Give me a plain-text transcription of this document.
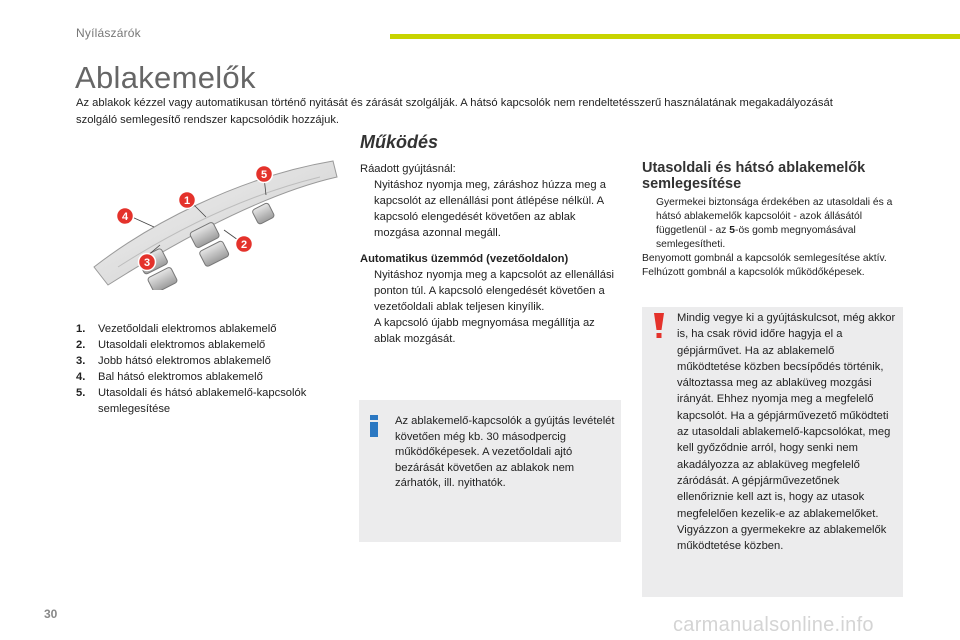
Nyílászárók
Ablakemelők

Az ablakok kézzel vagy automatikusan történő nyitását és zárását szolgálják. A hátsó kapcsolók nem rendeltetésszerű használatának megakadályozását szolgáló semlegesítő rendszer kapcsolódik hozzájuk.

1
2
3
4
5
1.	Vezetőoldali elektromos ablakemelő
2.	Utasoldali elektromos ablakemelő
3.	Jobb hátsó elektromos ablakemelő
4.	Bal hátsó elektromos ablakemelő
5.	Utasoldali és hátsó ablakemelő-kapcsolók semlegesítése
Működés
Ráadott gyújtásnál:
Nyitáshoz nyomja meg, záráshoz húzza meg a kapcsolót az ellenállási pont átlépése nélkül. A kapcsoló elengedését követően az ablak mozgása azonnal megáll.
Automatikus üzemmód (vezetőoldalon)
Nyitáshoz nyomja meg a kapcsolót az ellenállási ponton túl. A kapcsoló elengedését követően a vezetőoldali ablak teljesen kinyílik.
A kapcsoló újabb megnyomása megállítja az ablak mozgását.
Az ablakemelő-kapcsolók a gyújtás levételét követően még kb. 30 másodpercig működőképesek. A vezetőoldali ajtó bezárását követően az ablakok nem zárhatók, ill. nyithatók.
Utasoldali és hátsó ablakemelők semlegesítése
Gyermekei biztonsága érdekében az utasoldali és a hátsó ablakemelők kapcsolóit - azok állásától függetlenül - az 5-ös gomb megnyomásával semlegesítheti.
Benyomott gombnál a kapcsolók semlegesítése aktív.
Felhúzott gombnál a kapcsolók működőképesek.
Mindig vegye ki a gyújtáskulcsot, még akkor is, ha csak rövid időre hagyja el a gépjárművet. Ha az ablakemelő működtetése közben becsípődés történik, változtassa meg az ablaküveg mozgási irányát. Ehhez nyomja meg a megfelelő kapcsolót. Ha a gépjárművezető működteti az utasoldali ablakemelő-kapcsolókat, meg kell győződnie arról, hogy senki nem akadályozza az ablaküveg megfelelő záródását. A gépjárművezetőnek ellenőriznie kell azt is, hogy az utasok megfelelően kezelik-e az ablakemelőket. Vigyázzon a gyermekekre az ablakemelők működtetése közben.
30	carmanualsonline.info
